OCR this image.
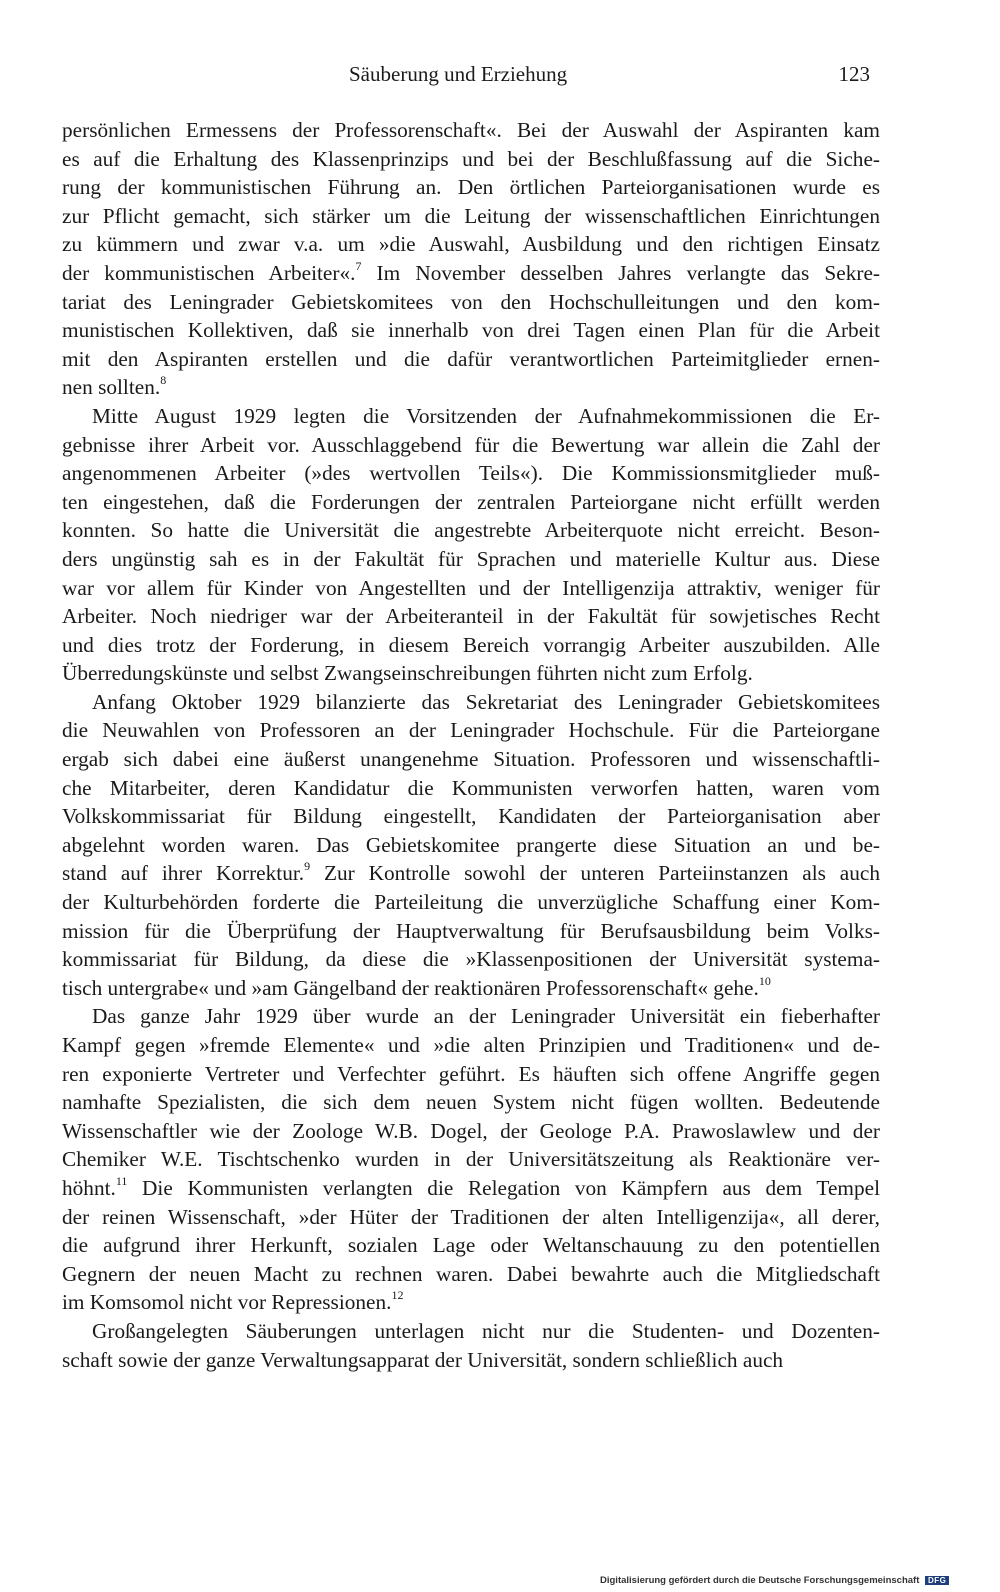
Säuberung und Erziehung	123
persönlichen Ermessens der Professorenschaft«. Bei der Auswahl der Aspiranten kam
es auf die Erhaltung des Klassenprinzips und bei der Beschlußfassung auf die Siche-
rung der kommunistischen Führung an. Den örtlichen Parteiorganisationen wurde es
zur Pflicht gemacht, sich stärker um die Leitung der wissenschaftlichen Einrichtungen
zu kümmern und zwar v.a. um »die Auswahl, Ausbildung und den richtigen Einsatz
der kommunistischen Arbeiter«.$^7$ Im November desselben Jahres verlangte das Sekre-
tariat des Leningrader Gebietskomitees von den Hochschulleitungen und den kom-
munistischen Kollektiven, daß sie innerhalb von drei Tagen einen Plan für die Arbeit
mit den Aspiranten erstellen und die dafür verantwortlichen Parteimitglieder ernen-
nen sollten.$^8$
Mitte August 1929 legten die Vorsitzenden der Aufnahmekommissionen die Er-
gebnisse ihrer Arbeit vor. Ausschlaggebend für die Bewertung war allein die Zahl der
angenommenen Arbeiter (»des wertvollen Teils«). Die Kommissionsmitglieder muß-
ten eingestehen, daß die Forderungen der zentralen Parteiorgane nicht erfüllt werden
konnten. So hatte die Universität die angestrebte Arbeiterquote nicht erreicht. Beson-
ders ungünstig sah es in der Fakultät für Sprachen und materielle Kultur aus. Diese
war vor allem für Kinder von Angestellten und der Intelligenzija attraktiv, weniger für
Arbeiter. Noch niedriger war der Arbeiteranteil in der Fakultät für sowjetisches Recht
und dies trotz der Forderung, in diesem Bereich vorrangig Arbeiter auszubilden. Alle
Überredungskünste und selbst Zwangseinschreibungen führten nicht zum Erfolg.
Anfang Oktober 1929 bilanzierte das Sekretariat des Leningrader Gebietskomitees
die Neuwahlen von Professoren an der Leningrader Hochschule. Für die Parteiorgane
ergab sich dabei eine äußerst unangenehme Situation. Professoren und wissenschaftli-
che Mitarbeiter, deren Kandidatur die Kommunisten verworfen hatten, waren vom
Volkskommissariat für Bildung eingestellt, Kandidaten der Parteiorganisation aber
abgelehnt worden waren. Das Gebietskomitee prangerte diese Situation an und be-
stand auf ihrer Korrektur.$^9$ Zur Kontrolle sowohl der unteren Parteiinstanzen als auch
der Kulturbehörden forderte die Parteileitung die unverzügliche Schaffung einer Kom-
mission für die Überprüfung der Hauptverwaltung für Berufsausbildung beim Volks-
kommissariat für Bildung, da diese die »Klassenpositionen der Universität systema-
tisch untergrabe« und »am Gängelband der reaktionären Professorenschaft« gehe.$^{10}$
Das ganze Jahr 1929 über wurde an der Leningrader Universität ein fieberhafter
Kampf gegen »fremde Elemente« und »die alten Prinzipien und Traditionen« und de-
ren exponierte Vertreter und Verfechter geführt. Es häuften sich offene Angriffe gegen
namhafte Spezialisten, die sich dem neuen System nicht fügen wollten. Bedeutende
Wissenschaftler wie der Zoologe W.B. Dogel, der Geologe P.A. Prawoslawlew und der
Chemiker W.E. Tischtschenko wurden in der Universitätszeitung als Reaktionäre ver-
höhnt.$^{11}$ Die Kommunisten verlangten die Relegation von Kämpfern aus dem Tempel
der reinen Wissenschaft, »der Hüter der Traditionen der alten Intelligenzija«, all derer,
die aufgrund ihrer Herkunft, sozialen Lage oder Weltanschauung zu den potentiellen
Gegnern der neuen Macht zu rechnen waren. Dabei bewahrte auch die Mitgliedschaft
im Komsomol nicht vor Repressionen.$^{12}$
Großangelegten Säuberungen unterlagen nicht nur die Studenten- und Dozenten-
schaft sowie der ganze Verwaltungsapparat der Universität, sondern schließlich auch
Digitalisierung gefördert durch die Deutsche Forschungsgemeinschaft DFG
